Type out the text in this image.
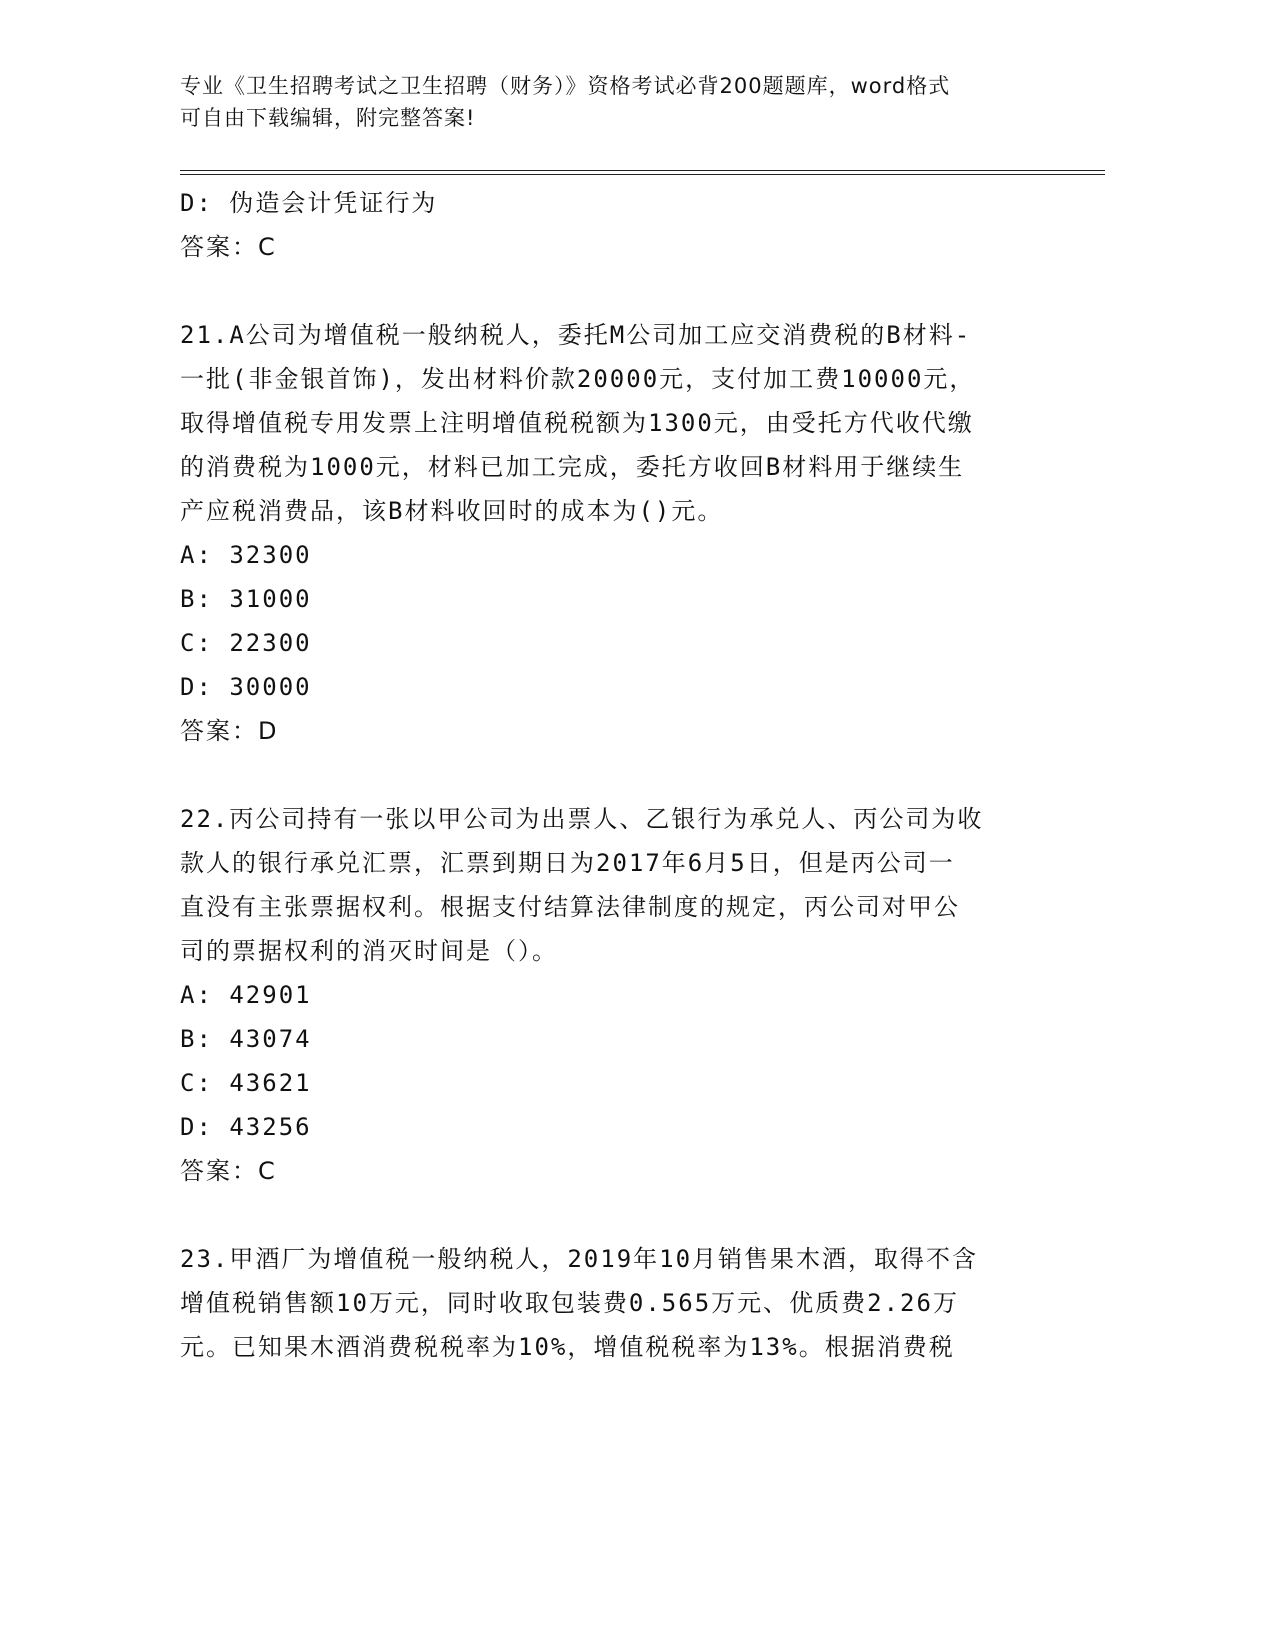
专业《卫生招聘考试之卫生招聘（财务）》资格考试必背200题题库，word格式
可自由下载编辑，附完整答案!
D: 伪造会计凭证行为
答案：C
21.A公司为增值税一般纳税人，委托M公司加工应交消费税的B材料-
一批(非金银首饰)，发出材料价款20000元，支付加工费10000元，
取得增值税专用发票上注明增值税税额为1300元，由受托方代收代缴
的消费税为1000元，材料已加工完成，委托方收回B材料用于继续生
产应税消费品，该B材料收回时的成本为()元。
A: 32300
B: 31000
C: 22300
D: 30000
答案：D
22.丙公司持有一张以甲公司为出票人、乙银行为承兑人、丙公司为收
款人的银行承兑汇票，汇票到期日为2017年6月5日，但是丙公司一
直没有主张票据权利。根据支付结算法律制度的规定，丙公司对甲公
司的票据权利的消灭时间是（）。
A: 42901
B: 43074
C: 43621
D: 43256
答案：C
23.甲酒厂为增值税一般纳税人，2019年10月销售果木酒，取得不含
增值税销售额10万元，同时收取包装费0.565万元、优质费2.26万
元。已知果木酒消费税税率为10%，增值税税率为13%。根据消费税
